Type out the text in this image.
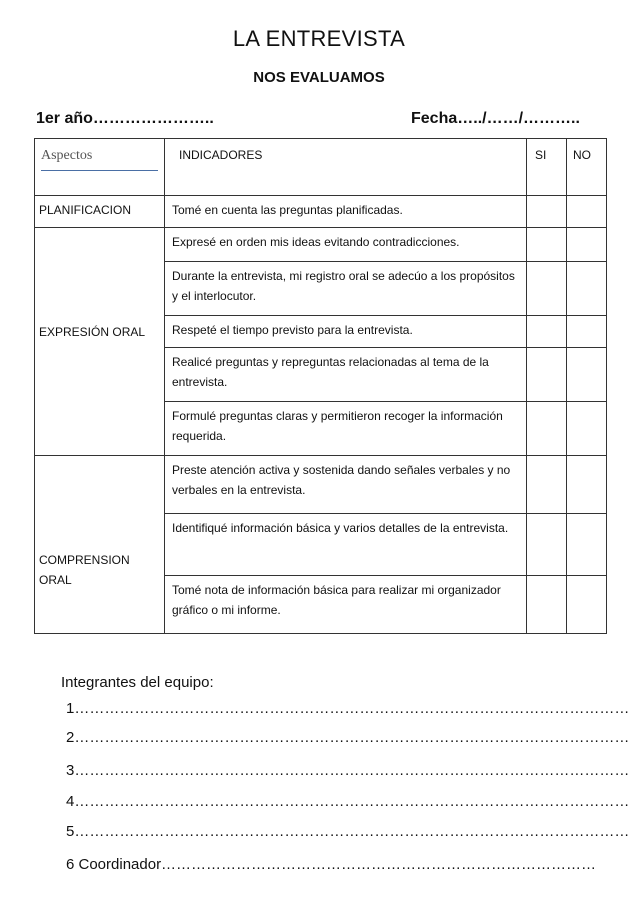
LA ENTREVISTA
NOS EVALUAMOS
1er año…………………..	Fecha…../……/………..
Aspectos	INDICADORES	SI	NO

PLANIFICACION	Tomé en cuenta las preguntas planificadas.		

EXPRESIÓN ORAL	Expresé en orden mis ideas evitando contradicciones.		
	Durante la entrevista, mi registro oral se adecúo a los propósitos y el interlocutor.		
	Respeté el tiempo previsto para la entrevista.		
	Realicé preguntas y repreguntas relacionadas al tema de la entrevista.		
	Formulé preguntas claras y permitieron recoger la información requerida.		

COMPRENSION ORAL	Preste atención activa y sostenida dando señales verbales y no verbales en la entrevista.		
	Identifiqué información básica y varios detalles de la entrevista.		
	Tomé nota de información básica para realizar mi organizador gráfico o mi informe.		
Integrantes del equipo:
1…………………………………………………………………………………………………
2…………………………………………………………………………………………………
3…………………………………………………………………………………………………
4…………………………………………………………………………………………………
5…………………………………………………………………………………………………
6 Coordinador……………………………………………………………………………
